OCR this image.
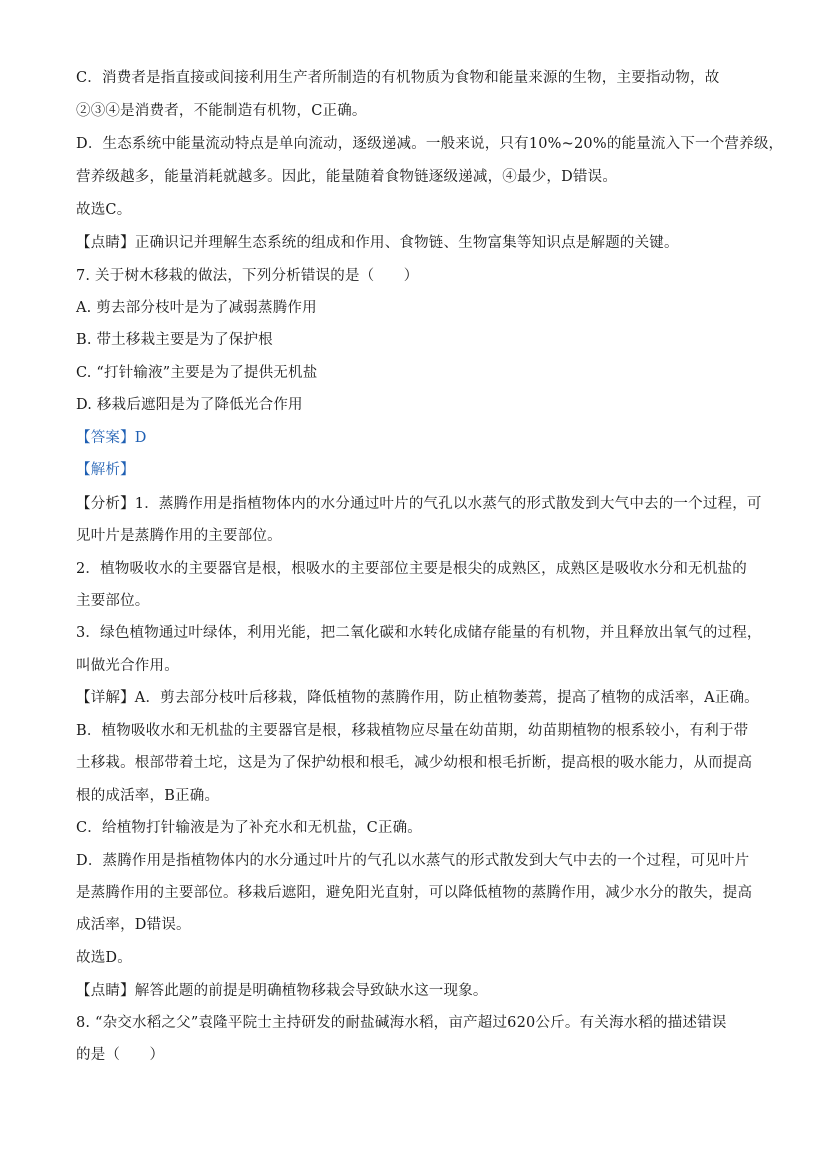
C．消费者是指直接或间接利用生产者所制造的有机物质为食物和能量来源的生物，主要指动物，故
②③④是消费者，不能制造有机物，C正确。
D．生态系统中能量流动特点是单向流动，逐级递减。一般来说，只有10%~20%的能量流入下一个营养级，
营养级越多，能量消耗就越多。因此，能量随着食物链逐级递减，④最少，D错误。
故选C。
【点睛】正确识记并理解生态系统的组成和作用、食物链、生物富集等知识点是解题的关键。
7. 关于树木移栽的做法，下列分析错误的是（　　）
A. 剪去部分枝叶是为了减弱蒸腾作用
B. 带土移栽主要是为了保护根
C. “打针输液”主要是为了提供无机盐
D. 移栽后遮阳是为了降低光合作用
【答案】D
【解析】
【分析】1．蒸腾作用是指植物体内的水分通过叶片的气孔以水蒸气的形式散发到大气中去的一个过程，可
见叶片是蒸腾作用的主要部位。
2．植物吸收水的主要器官是根，根吸水的主要部位主要是根尖的成熟区，成熟区是吸收水分和无机盐的
主要部位。
3．绿色植物通过叶绿体，利用光能，把二氧化碳和水转化成储存能量的有机物，并且释放出氧气的过程，
叫做光合作用。
【详解】A．剪去部分枝叶后移栽，降低植物的蒸腾作用，防止植物萎蔫，提高了植物的成活率，A正确。
B．植物吸收水和无机盐的主要器官是根，移栽植物应尽量在幼苗期，幼苗期植物的根系较小，有利于带
土移栽。根部带着土坨，这是为了保护幼根和根毛，减少幼根和根毛折断，提高根的吸水能力，从而提高
根的成活率，B正确。
C．给植物打针输液是为了补充水和无机盐，C正确。
D．蒸腾作用是指植物体内的水分通过叶片的气孔以水蒸气的形式散发到大气中去的一个过程，可见叶片
是蒸腾作用的主要部位。移栽后遮阳，避免阳光直射，可以降低植物的蒸腾作用，减少水分的散失，提高
成活率，D错误。
故选D。
【点睛】解答此题的前提是明确植物移栽会导致缺水这一现象。
8. “杂交水稻之父”袁隆平院士主持研发的耐盐碱海水稻，亩产超过620公斤。有关海水稻的描述错误
的是（　　）
